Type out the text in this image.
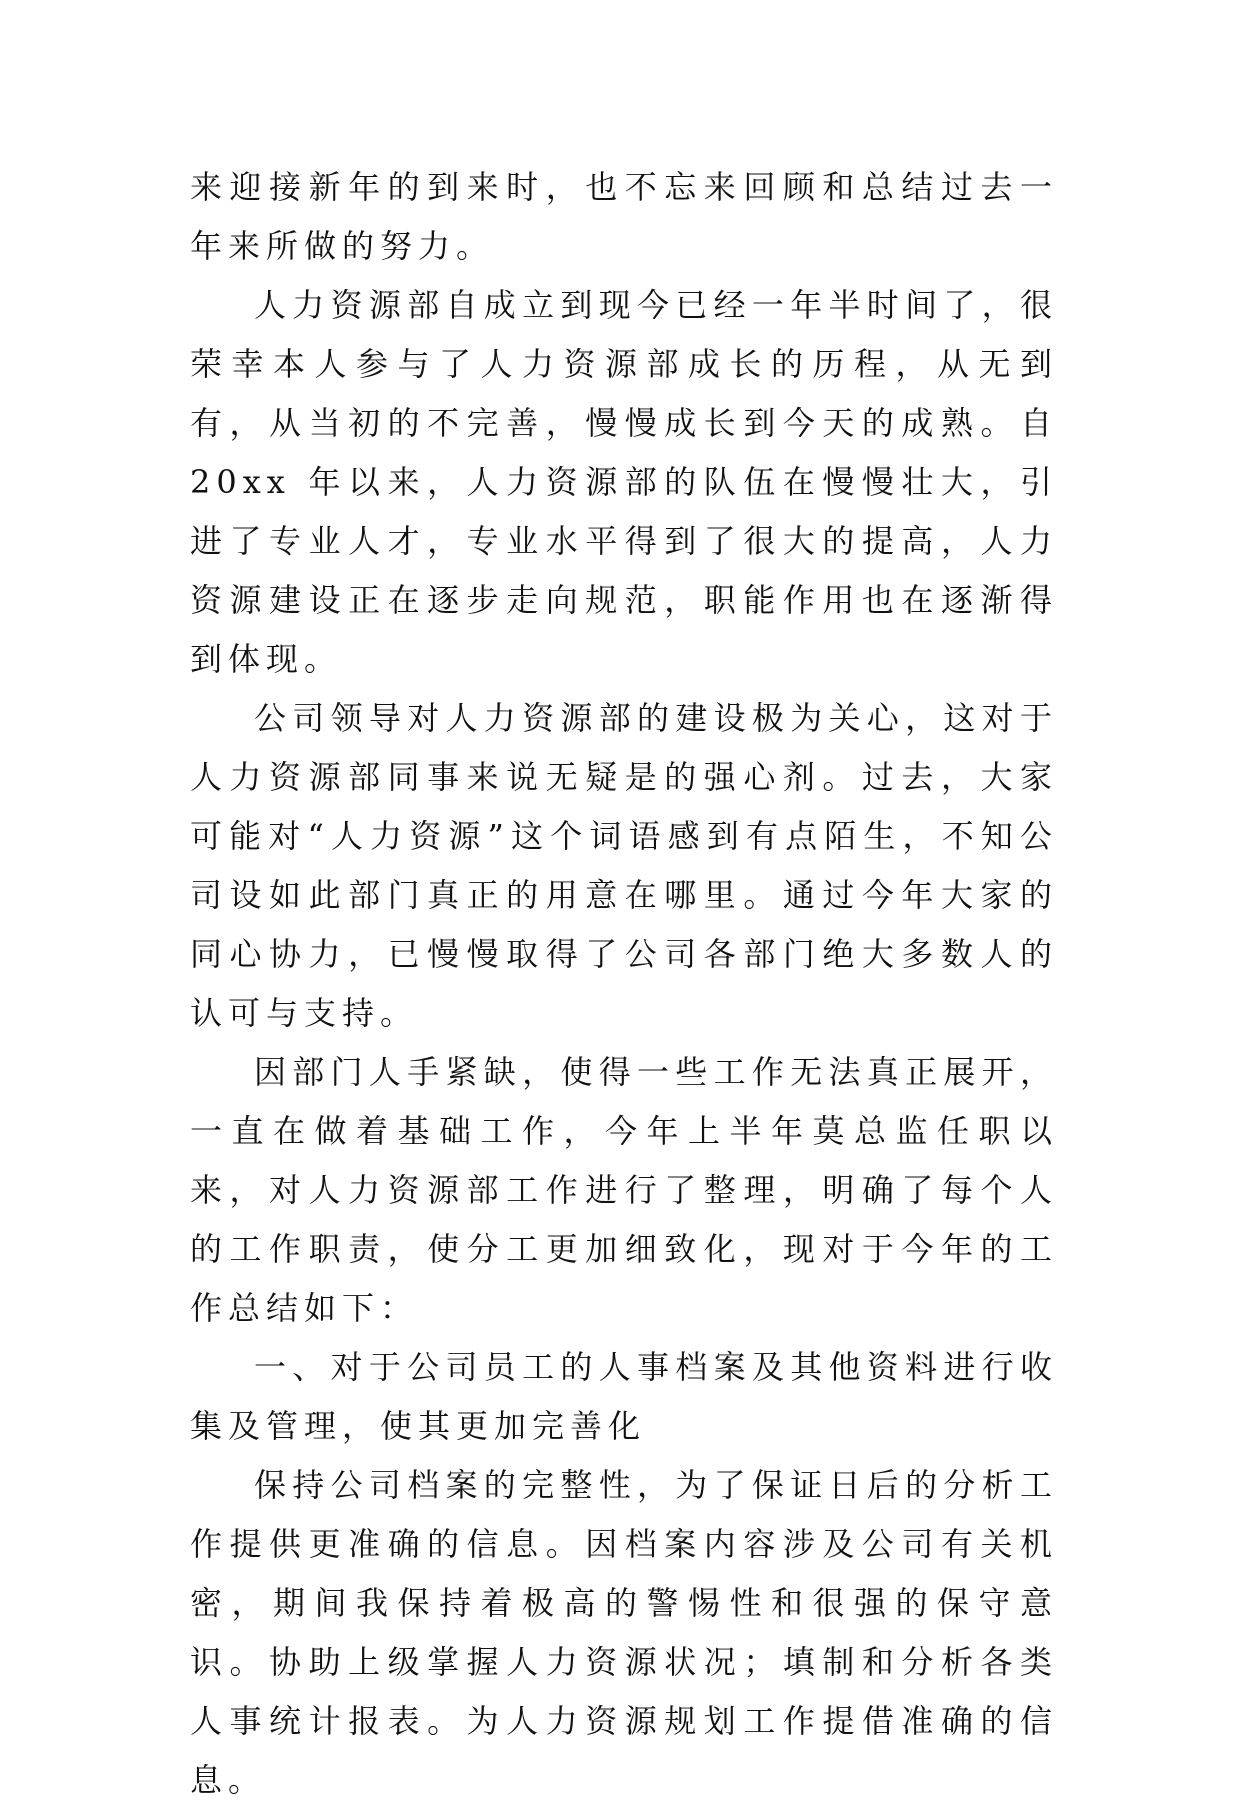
来迎接新年的到来时，也不忘来回顾和总结过去一年来所做的努力。

人力资源部自成立到现今已经一年半时间了，很荣幸本人参与了人力资源部成长的历程，从无到有，从当初的不完善，慢慢成长到今天的成熟。自 20xx 年以来，人力资源部的队伍在慢慢壮大，引进了专业人才，专业水平得到了很大的提高，人力资源建设正在逐步走向规范，职能作用也在逐渐得到体现。

公司领导对人力资源部的建设极为关心，这对于人力资源部同事来说无疑是的强心剂。过去，大家可能对“人力资源”这个词语感到有点陌生，不知公司设如此部门真正的用意在哪里。通过今年大家的同心协力，已慢慢取得了公司各部门绝大多数人的认可与支持。

因部门人手紧缺，使得一些工作无法真正展开，一直在做着基础工作，今年上半年莫总监任职以来，对人力资源部工作进行了整理，明确了每个人的工作职责，使分工更加细致化，现对于今年的工作总结如下：

一、对于公司员工的人事档案及其他资料进行收集及管理，使其更加完善化

保持公司档案的完整性，为了保证日后的分析工作提供更准确的信息。因档案内容涉及公司有关机密，期间我保持着极高的警惕性和很强的保守意识。协助上级掌握人力资源状况；填制和分析各类人事统计报表。为人力资源规划工作提借准确的信息。
